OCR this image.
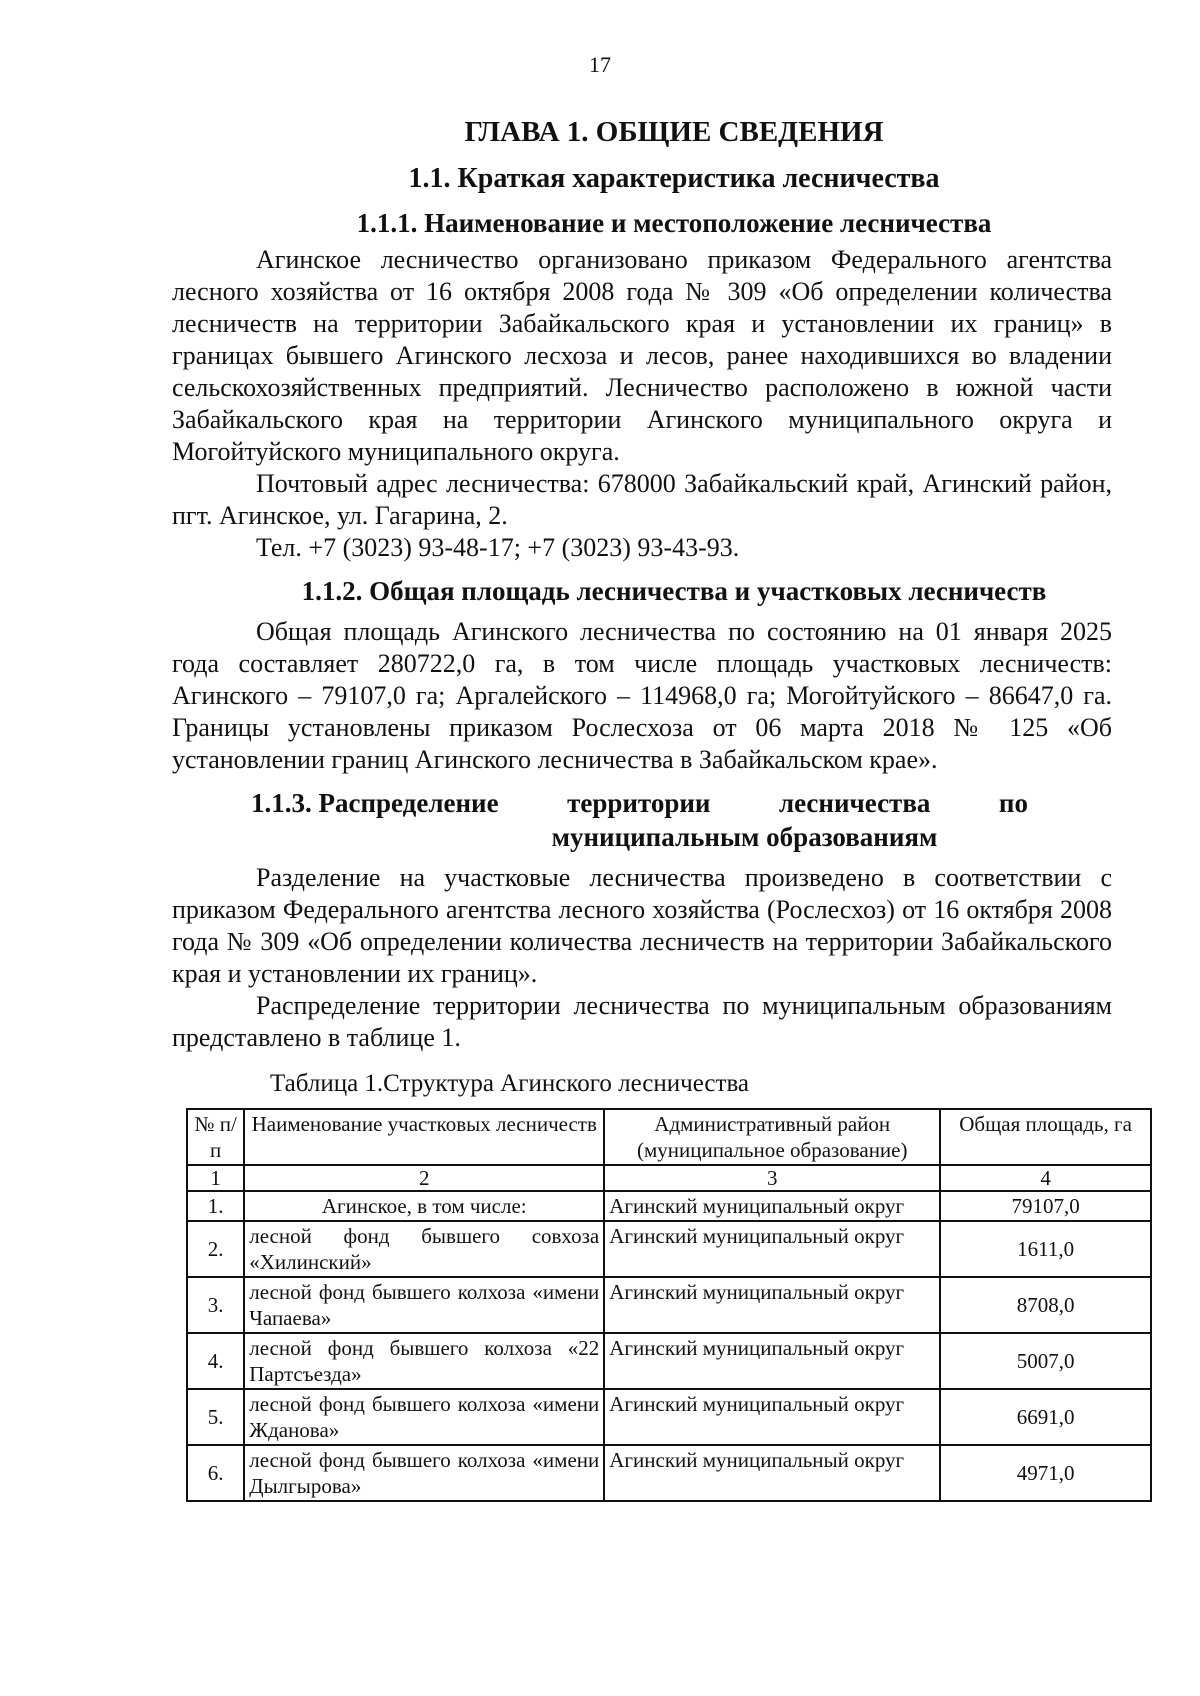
17
ГЛАВА 1. ОБЩИЕ СВЕДЕНИЯ
1.1. Краткая характеристика лесничества
1.1.1. Наименование и местоположение лесничества

Агинское лесничество организовано приказом Федерального агентства лесного хозяйства от 16 октября 2008 года № 309 «Об определении количества лесничеств на территории Забайкальского края и установлении их границ» в границах бывшего Агинского лесхоза и лесов, ранее находившихся во владении сельскохозяйственных предприятий. Лесничество расположено в южной части Забайкальского края на территории Агинского муниципального округа и Могойтуйского муниципального округа.

Почтовый адрес лесничества: 678000 Забайкальский край, Агинский район, пгт. Агинское, ул. Гагарина, 2.

Тел. +7 (3023) 93-48-17; +7 (3023) 93-43-93.

1.1.2. Общая площадь лесничества и участковых лесничеств

Общая площадь Агинского лесничества по состоянию на 01 января 2025 года составляет 280722,0 га, в том числе площадь участковых лесничеств: Агинского – 79107,0 га; Аргалейского – 114968,0 га; Могойтуйского – 86647,0 га. Границы установлены приказом Рослесхоза от 06 марта 2018 № 125 «Об установлении границ Агинского лесничества в Забайкальском крае».

1.1.3. Распределение	территории	лесничества	по
муниципальным образованиям

Разделение на участковые лесничества произведено в соответствии с приказом Федерального агентства лесного хозяйства (Рослесхоз) от 16 октября 2008 года № 309 «Об определении количества лесничеств на территории Забайкальского края и установлении их границ».

Распределение территории лесничества по муниципальным образованиям представлено в таблице 1.

Таблица 1.Структура Агинского лесничества
№ п/п	Наименование участковых лесничеств	Административный район (муниципальное образование)	Общая площадь, га
1	2	3	4
1.	Агинское, в том числе:	Агинский муниципальный округ	79107,0
2.	лесной фонд бывшего совхоза «Хилинский»	Агинский муниципальный округ	1611,0
3.	лесной фонд бывшего колхоза «имени Чапаева»	Агинский муниципальный округ	8708,0
4.	лесной фонд бывшего колхоза «22 Партсъезда»	Агинский муниципальный округ	5007,0
5.	лесной фонд бывшего колхоза «имени Жданова»	Агинский муниципальный округ	6691,0
6.	лесной фонд бывшего колхоза «имени Дылгырова»	Агинский муниципальный округ	4971,0
